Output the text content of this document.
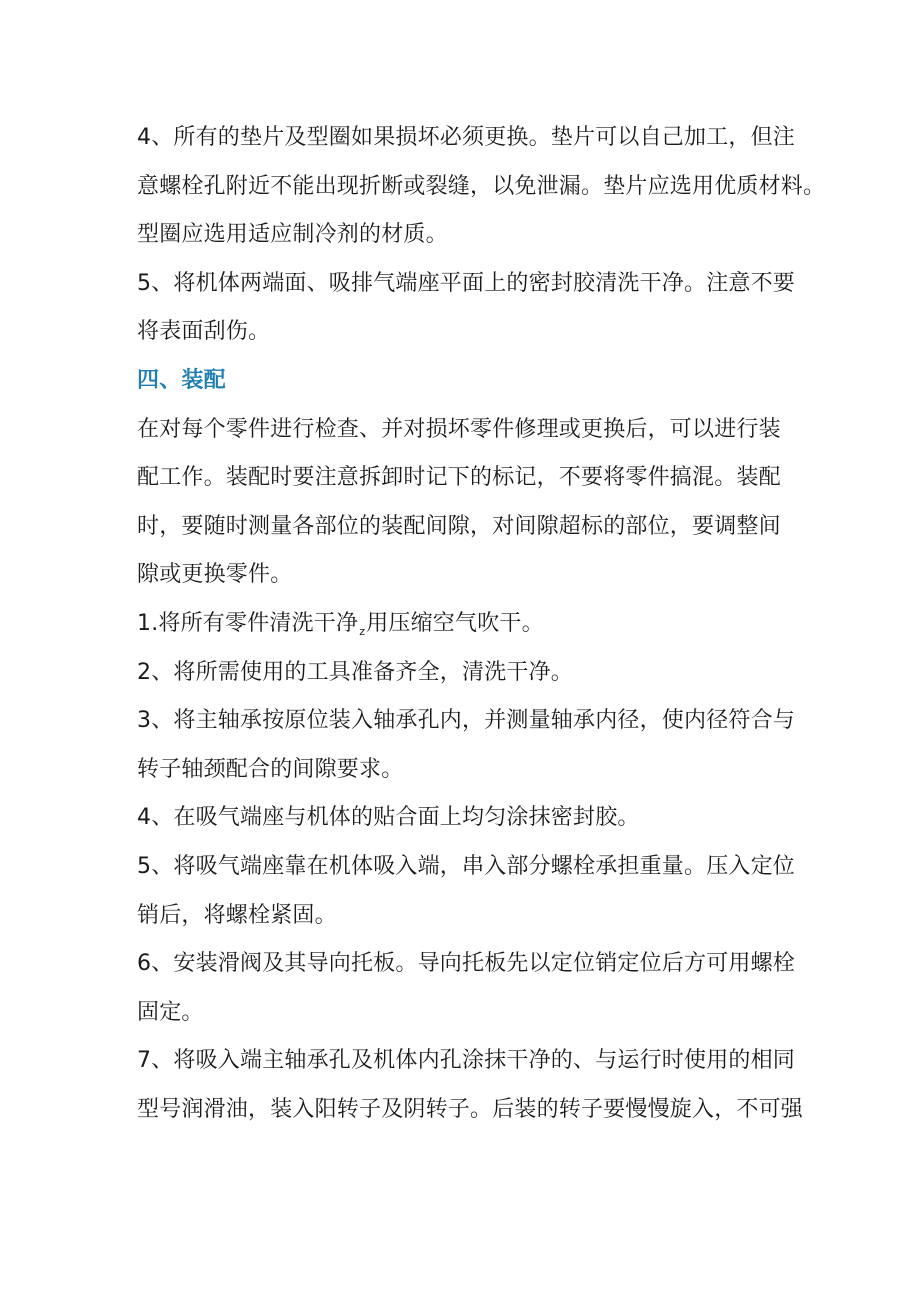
4、所有的垫片及型圈如果损坏必须更换。垫片可以自己加工，但注
意螺栓孔附近不能出现折断或裂缝，以免泄漏。垫片应选用优质材料。
型圈应选用适应制冷剂的材质。
5、将机体两端面、吸排气端座平面上的密封胶清洗干净。注意不要
将表面刮伤。
四、装配
在对每个零件进行检查、并对损坏零件修理或更换后，可以进行装
配工作。装配时要注意拆卸时记下的标记，不要将零件搞混。装配
时，要随时测量各部位的装配间隙，对间隙超标的部位，要调整间
隙或更换零件。
1.将所有零件清洗干净$_z$用压缩空气吹干。
2、将所需使用的工具准备齐全，清洗干净。
3、将主轴承按原位装入轴承孔内，并测量轴承内径，使内径符合与
转子轴颈配合的间隙要求。
4、在吸气端座与机体的贴合面上均匀涂抹密封胶。
5、将吸气端座靠在机体吸入端，串入部分螺栓承担重量。压入定位
销后，将螺栓紧固。
6、安装滑阀及其导向托板。导向托板先以定位销定位后方可用螺栓
固定。
7、将吸入端主轴承孔及机体内孔涂抹干净的、与运行时使用的相同
型号润滑油，装入阳转子及阴转子。后装的转子要慢慢旋入，不可强
